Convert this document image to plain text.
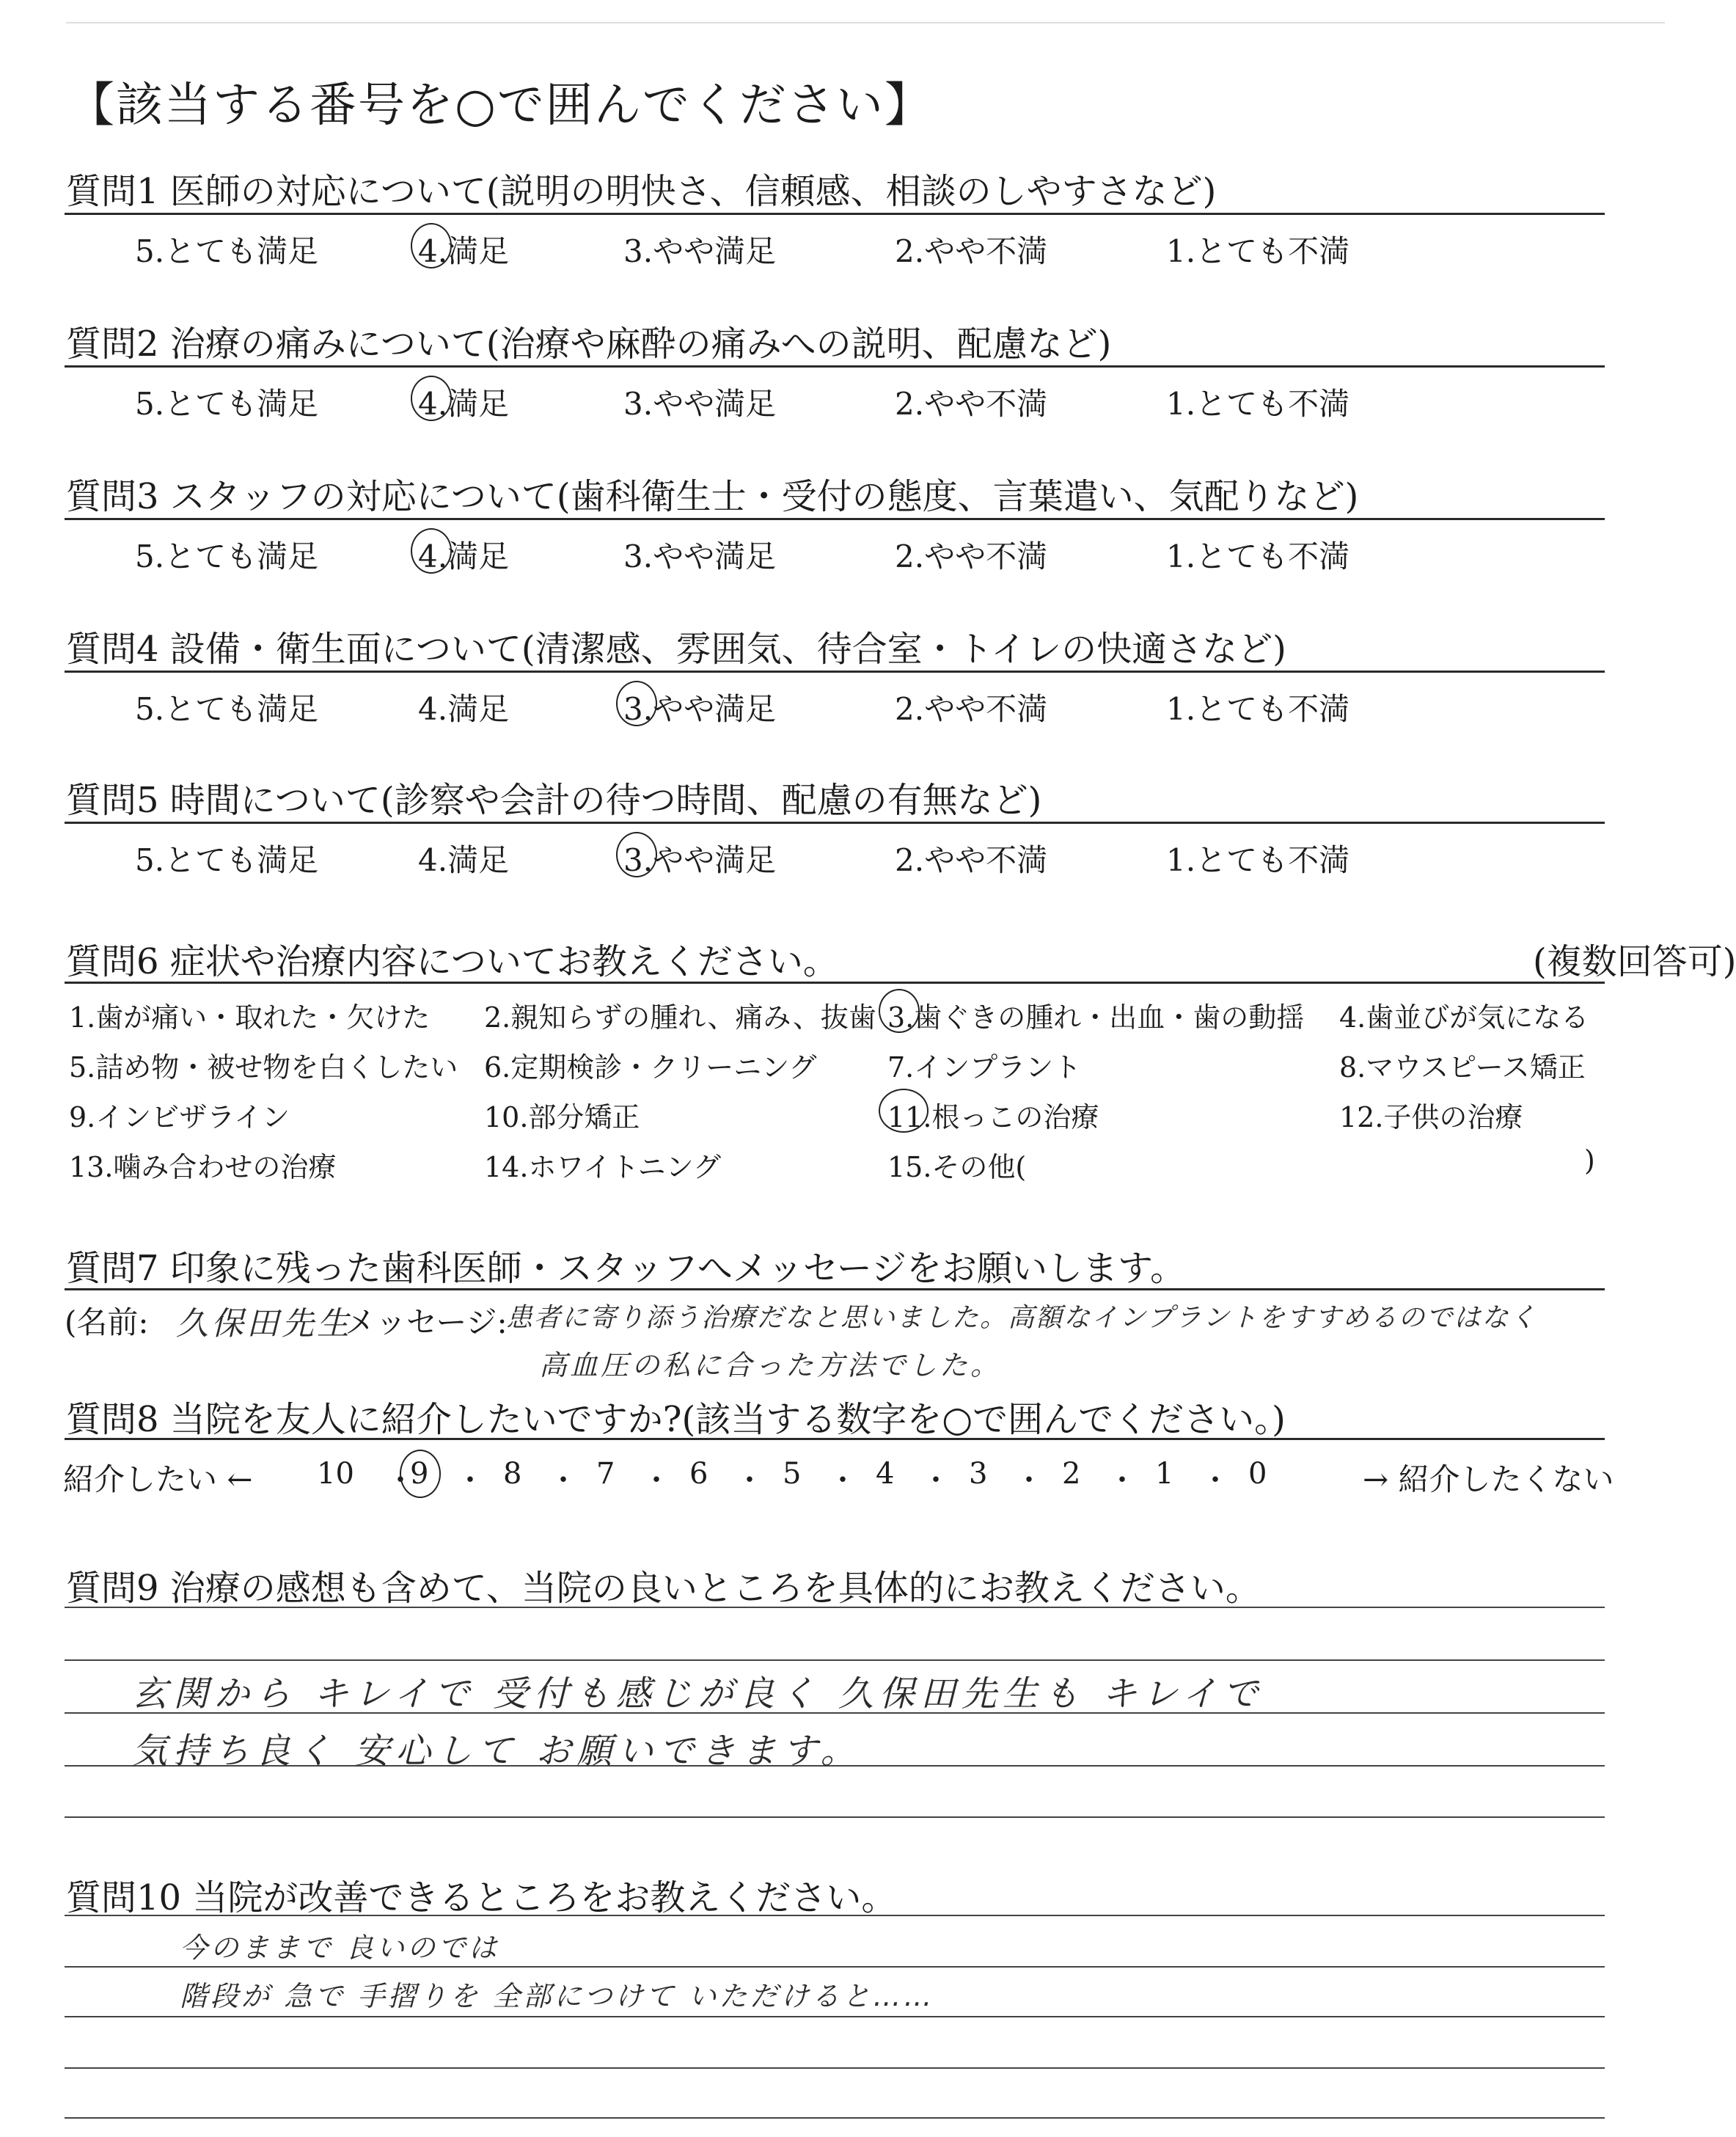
【該当する番号を○で囲んでください】
質問1 医師の対応について(説明の明快さ、信頼感、相談のしやすさなど)
5.とても満足	4.満足	3.やや満足	2.やや不満	1.とても不満
質問2 治療の痛みについて(治療や麻酔の痛みへの説明、配慮など)
5.とても満足	4.満足	3.やや満足	2.やや不満	1.とても不満
質問3 スタッフの対応について(歯科衛生士・受付の態度、言葉遣い、気配りなど)
5.とても満足	4.満足	3.やや満足	2.やや不満	1.とても不満
質問4 設備・衛生面について(清潔感、雰囲気、待合室・トイレの快適さなど)
5.とても満足	4.満足	3.やや満足	2.やや不満	1.とても不満
質問5 時間について(診察や会計の待つ時間、配慮の有無など)
5.とても満足	4.満足	3.やや満足	2.やや不満	1.とても不満
質問6 症状や治療内容についてお教えください。	(複数回答可)
1.歯が痛い・取れた・欠けた 2.親知らずの腫れ、痛み、抜歯 3.歯ぐきの腫れ・出血・歯の動揺 4.歯並びが気になる
5.詰め物・被せ物を白くしたい 6.定期検診・クリーニング	7.インプラント	8.マウスピース矯正
9.インビザライン	10.部分矯正	11.根っこの治療	12.子供の治療
13.噛み合わせの治療	14.ホワイトニング	15.その他(	)
質問7 印象に残った歯科医師・スタッフへメッセージをお願いします。
(名前: 久保田先生
メッセージ:
患者に寄り添う治療だなと思いました。高額なインプラントをすすめるのではなく
高血圧の私に合った方法でした。
質問8 当院を友人に紹介したいですか?(該当する数字を○で囲んでください。)
紹介したい ←	→ 紹介したくない
10 ・
9 ・ 8 ・ 7 ・ 6 ・ 5 ・ 4 ・ 3 ・ 2 ・ 1 ・ 0
質問9 治療の感想も含めて、当院の良いところを具体的にお教えください。
玄関から キレイで 受付も感じが良く 久保田先生も キレイで
気持ち良く 安心して お願いできます。
質問10 当院が改善できるところをお教えください。
今のままで 良いのでは
階段が 急で 手摺りを 全部につけて いただけると……
